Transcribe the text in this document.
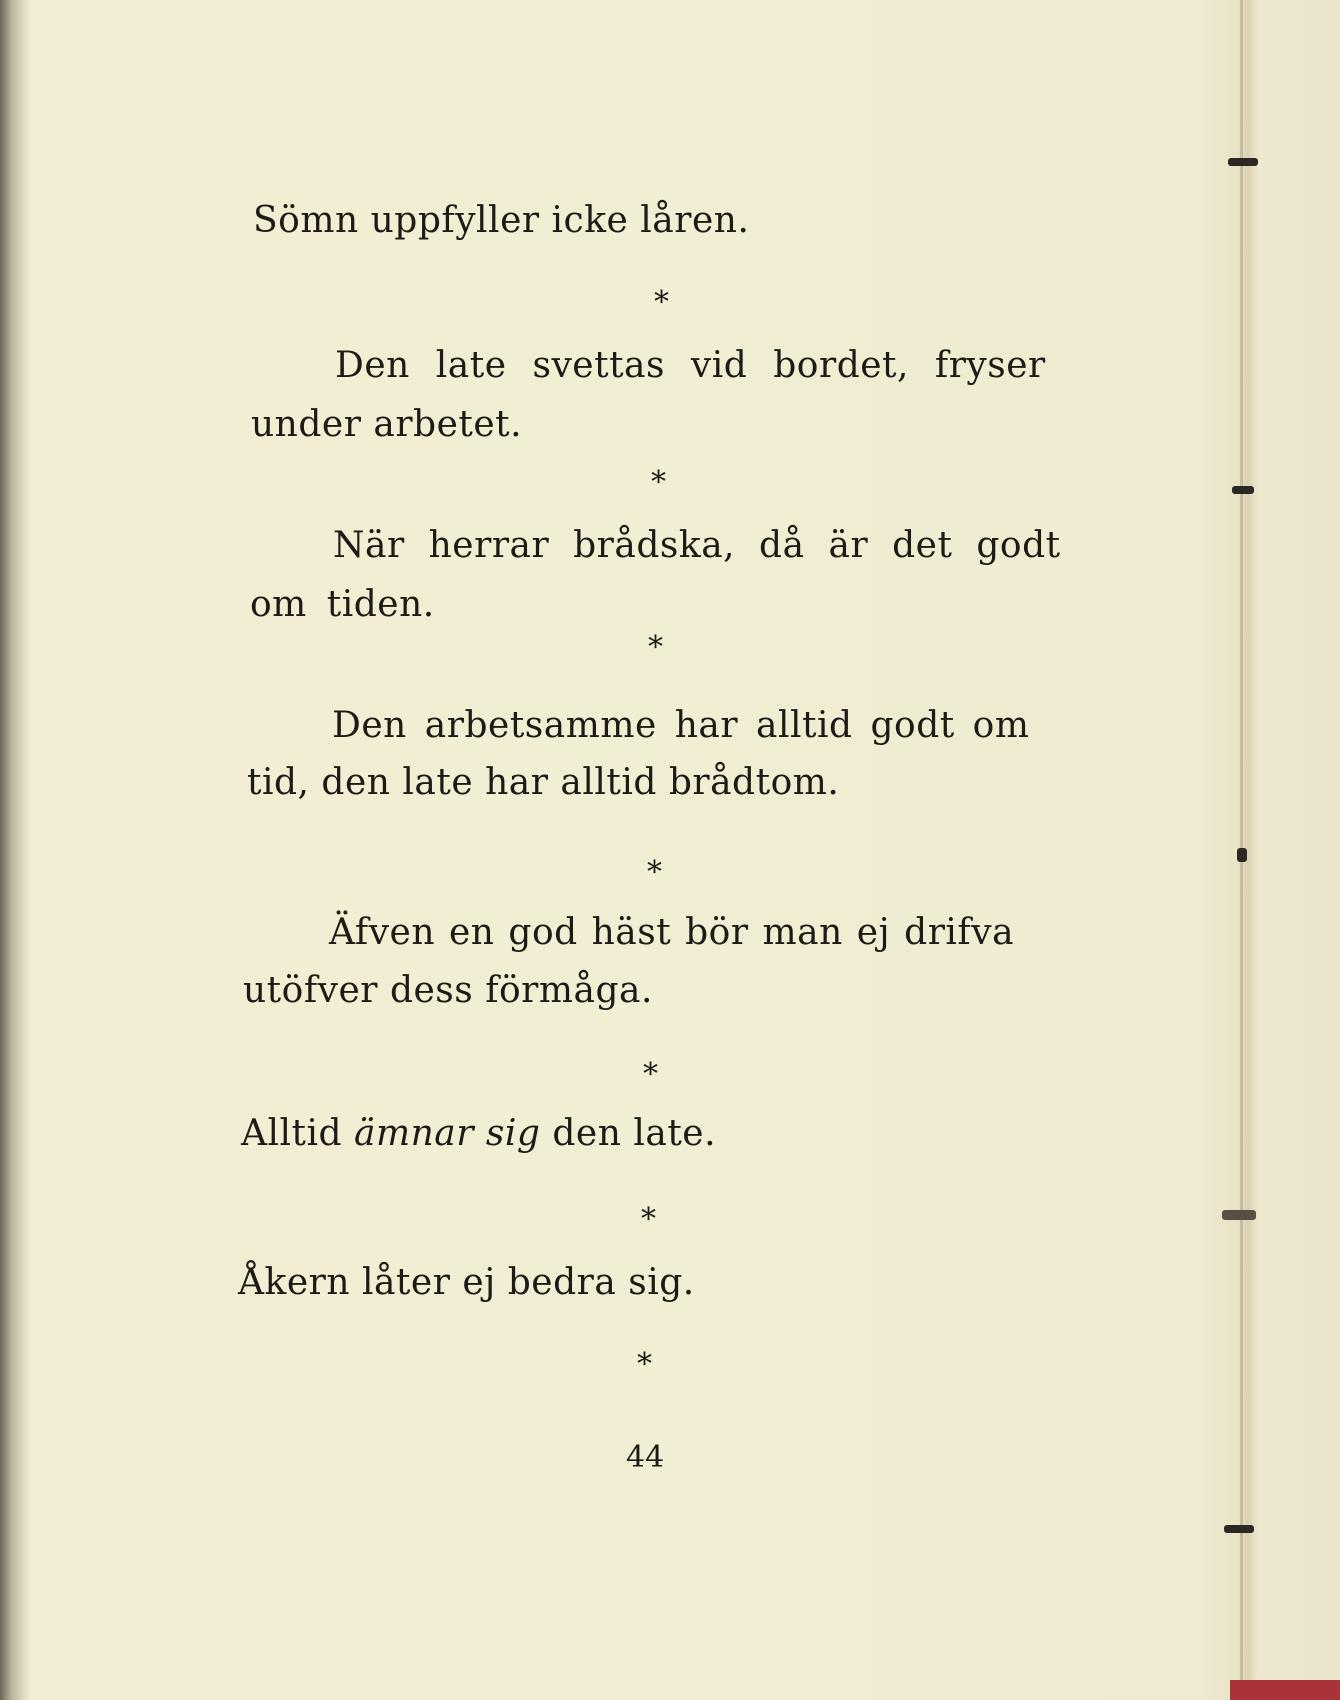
Sömn uppfyller icke låren.
*
Den late svettas vid bordet, fryser
under arbetet.
*
När herrar brådska, då är det godt
om tiden.
*
Den arbetsamme har alltid godt om
tid, den late har alltid brådtom.
*
Äfven en god häst bör man ej drifva
utöfver dess förmåga.
*
Alltid ämnar sig den late.
*
Åkern låter ej bedra sig.
*
44
